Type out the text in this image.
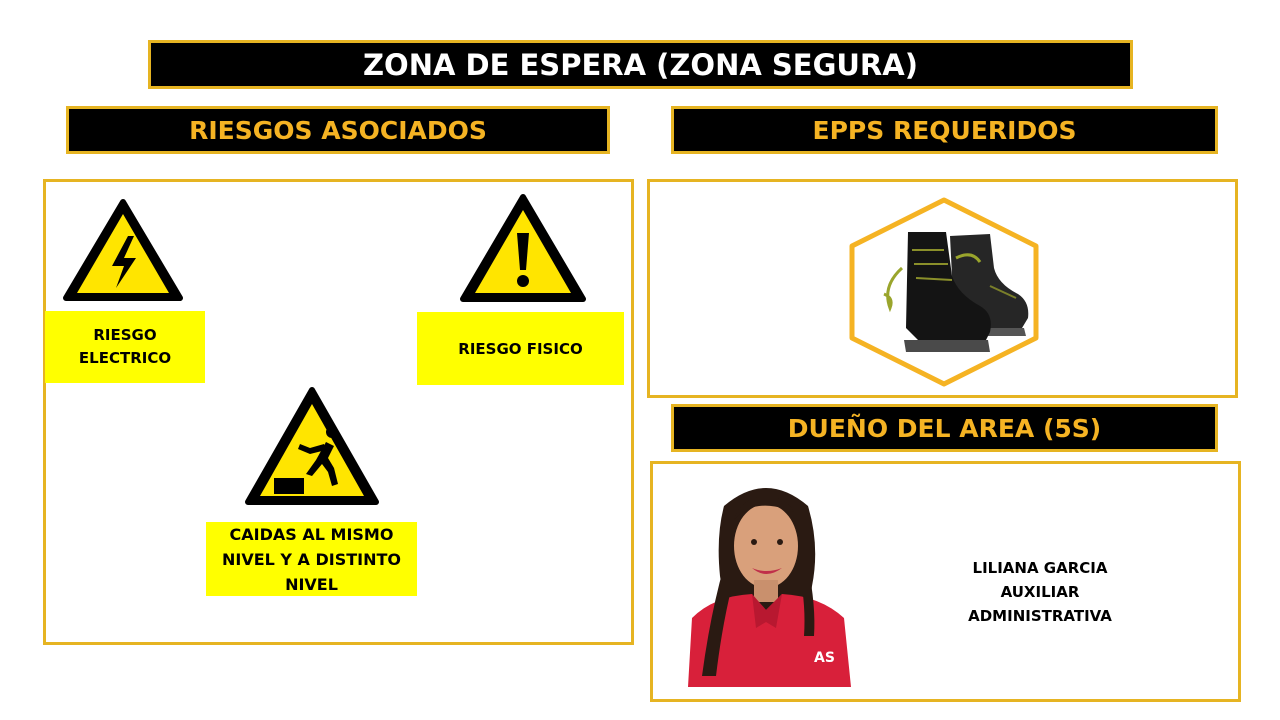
ZONA DE ESPERA (ZONA SEGURA)
RIESGOS ASOCIADOS	EPPS REQUERIDOS
RIESGO
ELECTRICO
RIESGO FISICO
CAIDAS AL MISMO
NIVEL Y A DISTINTO
NIVEL
DUEÑO DEL AREA (5S)
AS
LILIANA GARCIA
AUXILIAR ADMINISTRATIVA
